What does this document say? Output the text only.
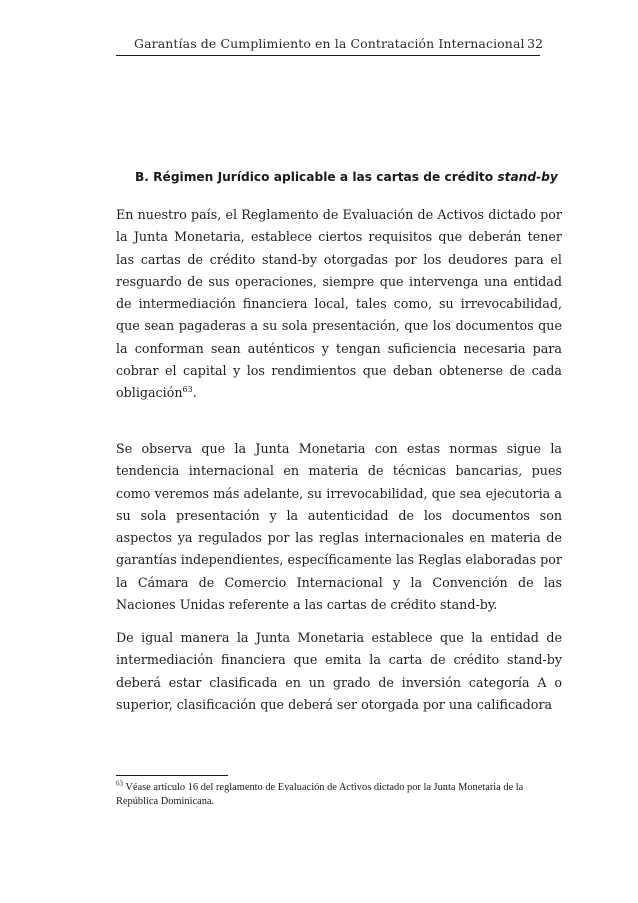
Garantías de Cumplimiento en la Contratación Internacional 32
B. Régimen Jurídico aplicable a las cartas de crédito stand-by

En nuestro país, el Reglamento de Evaluación de Activos dictado por la Junta Monetaria, establece ciertos requisitos que deberán tener las cartas de crédito stand-by otorgadas por los deudores para el resguardo de sus operaciones, siempre que intervenga una entidad de intermediación financiera local, tales como, su irrevocabilidad, que sean pagaderas a su sola presentación, que los documentos que la conforman sean auténticos y tengan suficiencia necesaria para cobrar el capital y los rendimientos que deban obtenerse de cada obligación$^{63}$.

Se observa que la Junta Monetaria con estas normas sigue la tendencia internacional en materia de técnicas bancarias, pues como veremos más adelante, su irrevocabilidad, que sea ejecutoria a su sola presentación y la autenticidad de los documentos son aspectos ya regulados por las reglas internacionales en materia de garantías independientes, específicamente las Reglas elaboradas por la Cámara de Comercio Internacional y la Convención de las Naciones Unidas referente a las cartas de crédito stand-by.

De igual manera la Junta Monetaria establece que la entidad de intermediación financiera que emita la carta de crédito stand-by deberá estar clasificada en un grado de inversión categoría A o superior, clasificación que deberá ser otorgada por una calificadora

$^{63}$ Véase artículo 16 del reglamento de Evaluación de Activos dictado por la Junta Monetaria de la República Dominicana.
